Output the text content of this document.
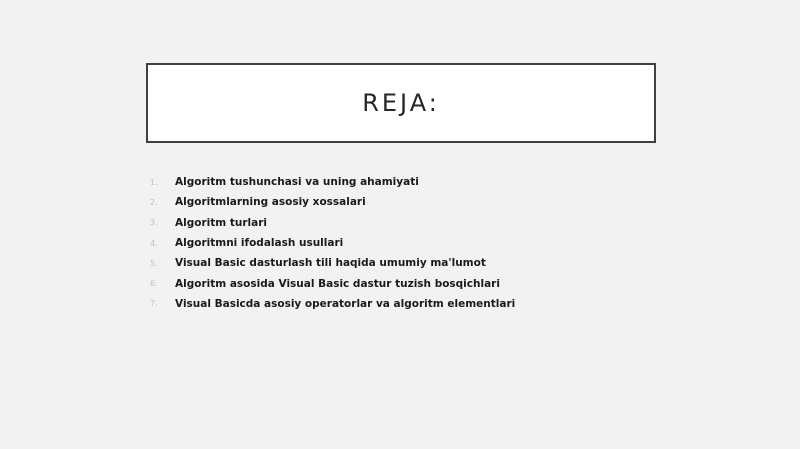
REJA:
1.	Algoritm tushunchasi va uning ahamiyati
2.	Algoritmlarning asosiy xossalari
3.	Algoritm turlari
4.	Algoritmni ifodalash usullari
5.	Visual Basic dasturlash tili haqida umumiy ma'lumot
6.	Algoritm asosida Visual Basic dastur tuzish bosqichlari
7.	Visual Basicda asosiy operatorlar va algoritm elementlari
